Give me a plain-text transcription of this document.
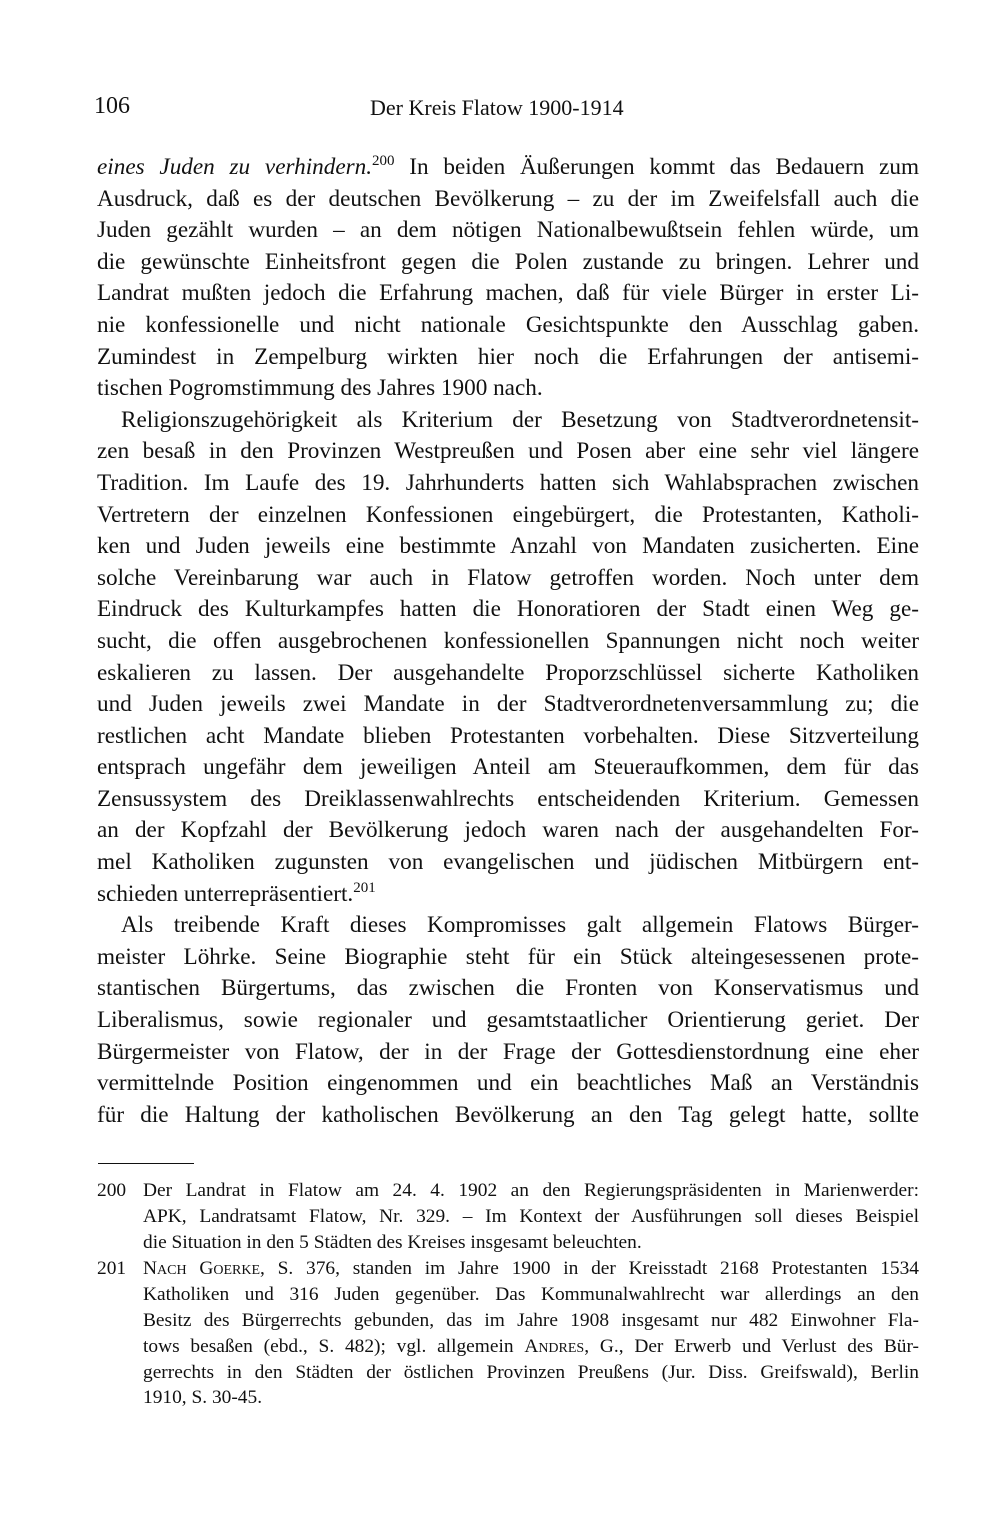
106	Der Kreis Flatow 1900-1914
eines Juden zu verhindern.$^{200}$ In beiden Äußerungen kommt das Bedauern zum
Ausdruck, daß es der deutschen Bevölkerung – zu der im Zweifelsfall auch die
Juden gezählt wurden – an dem nötigen Nationalbewußtsein fehlen würde, um
die gewünschte Einheitsfront gegen die Polen zustande zu bringen. Lehrer und
Landrat mußten jedoch die Erfahrung machen, daß für viele Bürger in erster Li-
nie konfessionelle und nicht nationale Gesichtspunkte den Ausschlag gaben.
Zumindest in Zempelburg wirkten hier noch die Erfahrungen der antisemi-
tischen Pogromstimmung des Jahres 1900 nach.
Religionszugehörigkeit als Kriterium der Besetzung von Stadtverordnetensit-
zen besaß in den Provinzen Westpreußen und Posen aber eine sehr viel längere
Tradition. Im Laufe des 19. Jahrhunderts hatten sich Wahlabsprachen zwischen
Vertretern der einzelnen Konfessionen eingebürgert, die Protestanten, Katholi-
ken und Juden jeweils eine bestimmte Anzahl von Mandaten zusicherten. Eine
solche Vereinbarung war auch in Flatow getroffen worden. Noch unter dem
Eindruck des Kulturkampfes hatten die Honoratioren der Stadt einen Weg ge-
sucht, die offen ausgebrochenen konfessionellen Spannungen nicht noch weiter
eskalieren zu lassen. Der ausgehandelte Proporzschlüssel sicherte Katholiken
und Juden jeweils zwei Mandate in der Stadtverordnetenversammlung zu; die
restlichen acht Mandate blieben Protestanten vorbehalten. Diese Sitzverteilung
entsprach ungefähr dem jeweiligen Anteil am Steueraufkommen, dem für das
Zensussystem des Dreiklassenwahlrechts entscheidenden Kriterium. Gemessen
an der Kopfzahl der Bevölkerung jedoch waren nach der ausgehandelten For-
mel Katholiken zugunsten von evangelischen und jüdischen Mitbürgern ent-
schieden unterrepräsentiert.$^{201}$
Als treibende Kraft dieses Kompromisses galt allgemein Flatows Bürger-
meister Löhrke. Seine Biographie steht für ein Stück alteingesessenen prote-
stantischen Bürgertums, das zwischen die Fronten von Konservatismus und
Liberalismus, sowie regionaler und gesamtstaatlicher Orientierung geriet. Der
Bürgermeister von Flatow, der in der Frage der Gottesdienstordnung eine eher
vermittelnde Position eingenommen und ein beachtliches Maß an Verständnis
für die Haltung der katholischen Bevölkerung an den Tag gelegt hatte, sollte
200 Der Landrat in Flatow am 24. 4. 1902 an den Regierungspräsidenten in Marienwerder:
APK, Landratsamt Flatow, Nr. 329. – Im Kontext der Ausführungen soll dieses Beispiel
die Situation in den 5 Städten des Kreises insgesamt beleuchten.
201 Nach Goerke, S. 376, standen im Jahre 1900 in der Kreisstadt 2168 Protestanten 1534
Katholiken und 316 Juden gegenüber. Das Kommunalwahlrecht war allerdings an den
Besitz des Bürgerrechts gebunden, das im Jahre 1908 insgesamt nur 482 Einwohner Fla-
tows besaßen (ebd., S. 482); vgl. allgemein Andres, G., Der Erwerb und Verlust des Bür-
gerrechts in den Städten der östlichen Provinzen Preußens (Jur. Diss. Greifswald), Berlin
1910, S. 30-45.
